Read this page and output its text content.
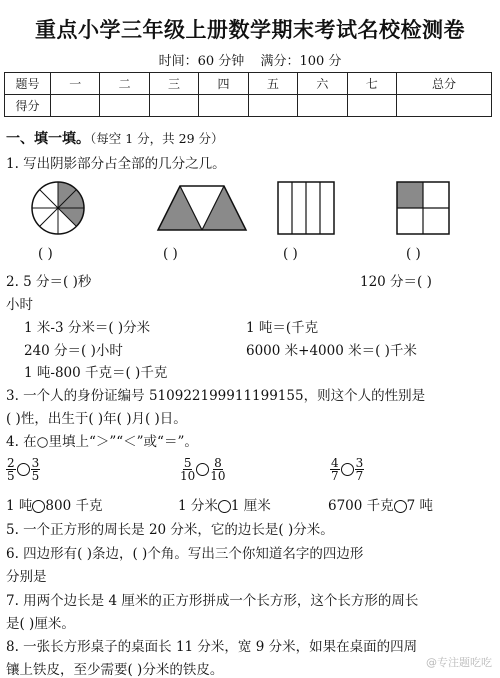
重点小学三年级上册数学期末考试名校检测卷
时间：60 分钟 满分：100 分
题号	一	二	三	四	五	六	七	总分
得分								
一、填一填。（每空 1 分，共 29 分）
1. 写出阴影部分占全部的几分之几。
( )	( )	( )	( )
2. 5 分＝( )秒	120 分＝( )
小时
1 米-3 分米＝( )分米	1 吨＝(千克
240 分＝( )小时	6000 米+4000 米＝( )千米
1 吨-800 千克＝( )千克
3. 一个人的身份证编号 510922199911199155，则这个人的性别是
( )性，出生于( )年( )月( )日。
4. 在○里填上“＞”“＜”或“＝”。
$\frac{2}{5} \frac{3}{5}$	$\frac{5}{10} \frac{8}{10}$	$\frac{4}{7} \frac{3}{7}$
1 吨 800 千克	1 分米 1 厘米	6700 千克 7 吨
5. 一个正方形的周长是 20 分米，它的边长是( )分米。
6. 四边形有( )条边，( )个角。写出三个你知道名字的四边形
分别是
7. 用两个边长是 4 厘米的正方形拼成一个长方形，这个长方形的周长
是( )厘米。
8. 一张长方形桌子的桌面长 11 分米，宽 9 分米，如果在桌面的四周
镶上铁皮，至少需要( )分米的铁皮。	@专注题吃吃
